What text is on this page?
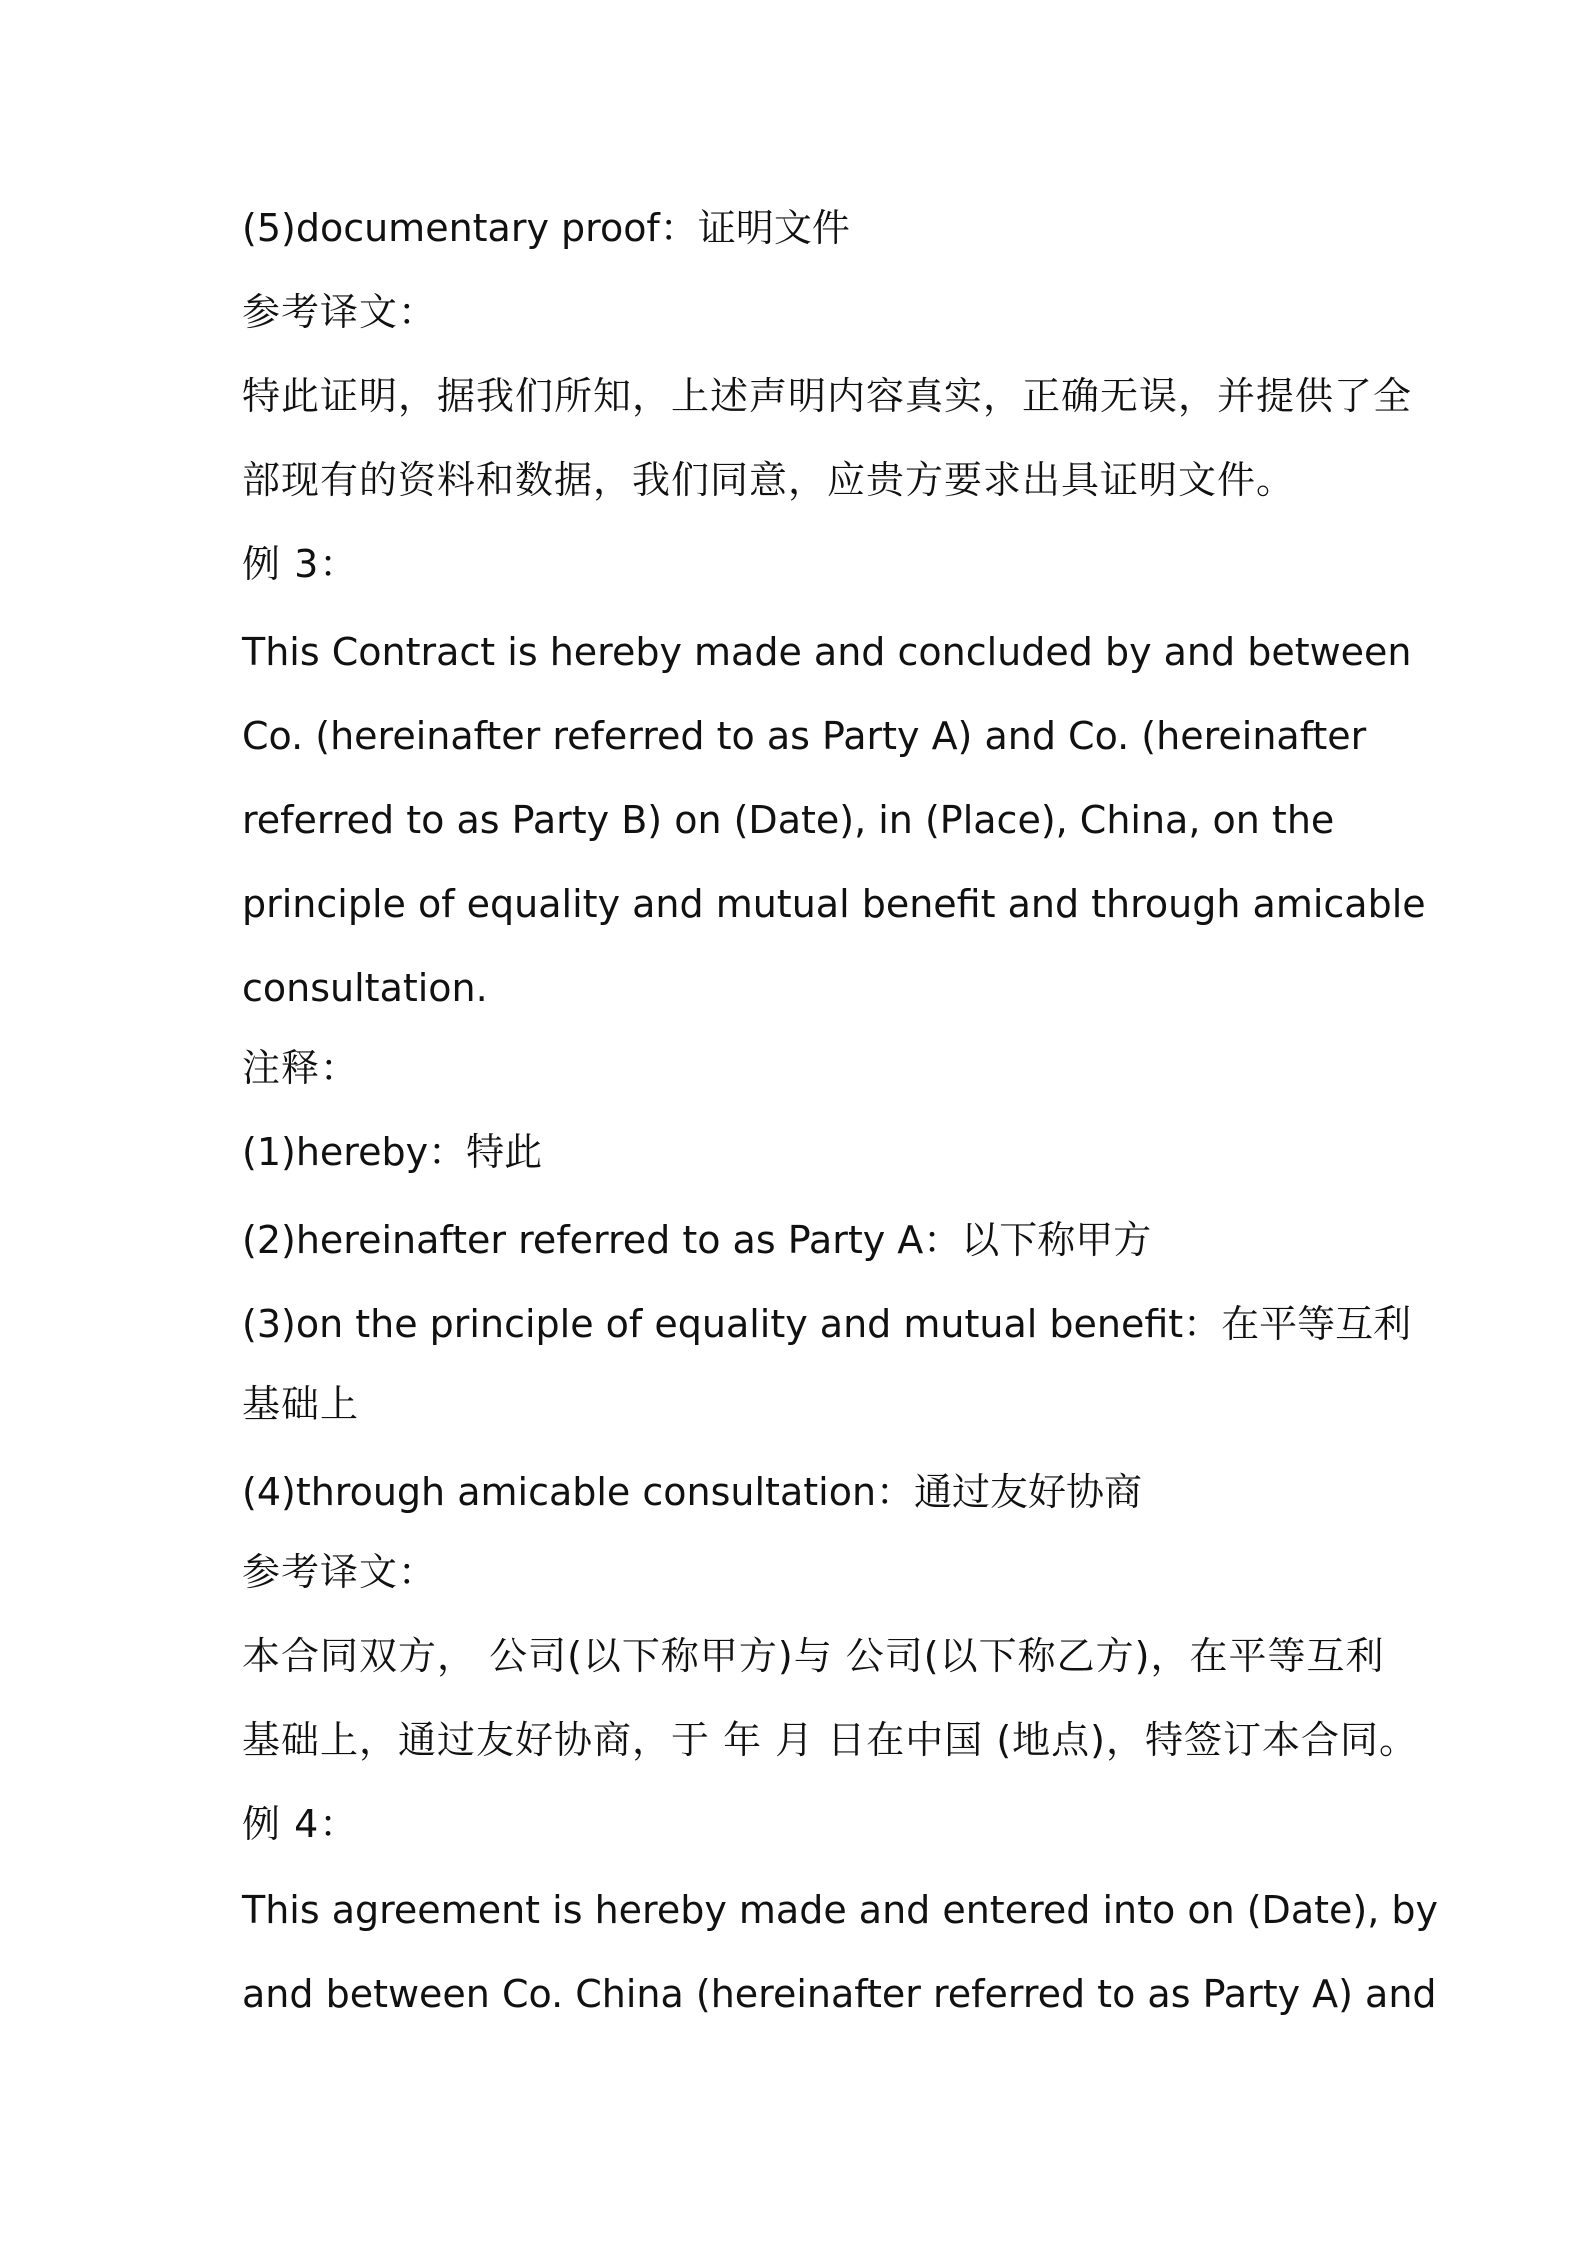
(5)documentary proof：证明文件
参考译文：
特此证明，据我们所知，上述声明内容真实，正确无误，并提供了全
部现有的资料和数据，我们同意，应贵方要求出具证明文件。
例 3：
This Contract is hereby made and concluded by and between
Co. (hereinafter referred to as Party A) and Co. (hereinafter
referred to as Party B) on (Date), in (Place), China, on the
principle of equality and mutual benefit and through amicable
consultation.
注释：
(1)hereby：特此
(2)hereinafter referred to as Party A：以下称甲方
(3)on the principle of equality and mutual benefit：在平等互利
基础上
(4)through amicable consultation：通过友好协商
参考译文：
本合同双方， 公司(以下称甲方)与 公司(以下称乙方)，在平等互利
基础上，通过友好协商，于 年 月 日在中国 (地点)，特签订本合同。
例 4：
This agreement is hereby made and entered into on (Date), by
and between Co. China (hereinafter referred to as Party A) and
